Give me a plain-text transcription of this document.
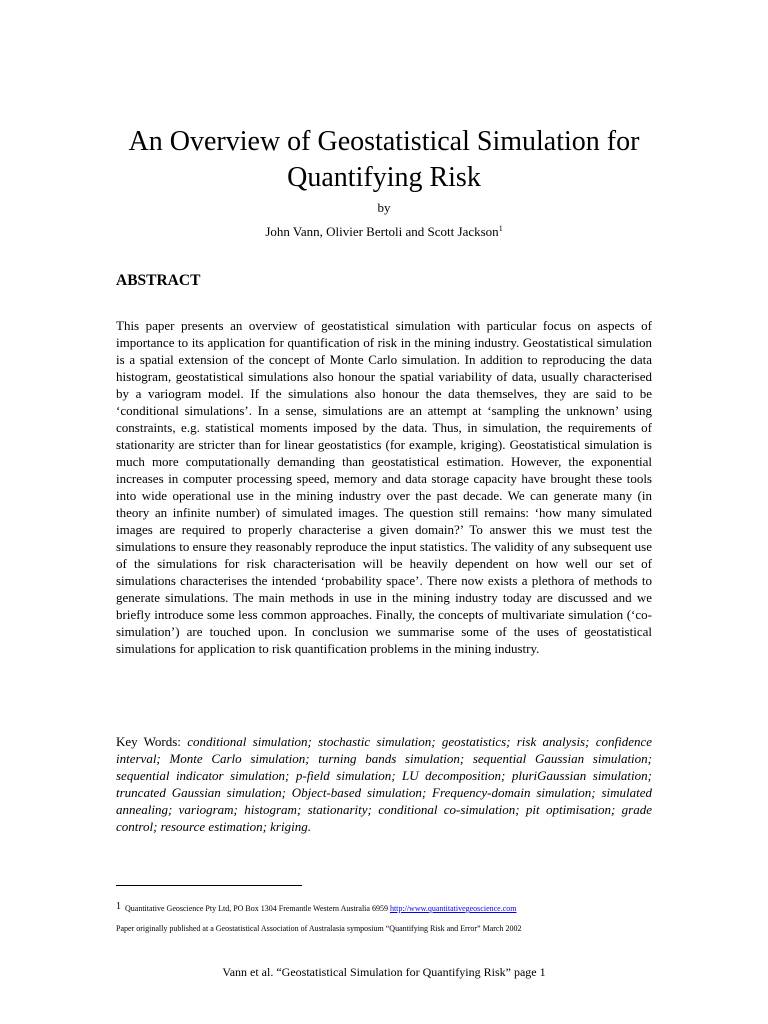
An Overview of Geostatistical Simulation for Quantifying Risk
by
John Vann, Olivier Bertoli and Scott Jackson$^1$
ABSTRACT

This paper presents an overview of geostatistical simulation with particular focus on aspects of importance to its application for quantification of risk in the mining industry. Geostatistical simulation is a spatial extension of the concept of Monte Carlo simulation. In addition to reproducing the data histogram, geostatistical simulations also honour the spatial variability of data, usually characterised by a variogram model. If the simulations also honour the data themselves, they are said to be ‘conditional simulations’. In a sense, simulations are an attempt at ‘sampling the unknown’ using constraints, e.g. statistical moments imposed by the data. Thus, in simulation, the requirements of stationarity are stricter than for linear geostatistics (for example, kriging). Geostatistical simulation is much more computationally demanding than geostatistical estimation. However, the exponential increases in computer processing speed, memory and data storage capacity have brought these tools into wide operational use in the mining industry over the past decade. We can generate many (in theory an infinite number) of simulated images. The question still remains: ‘how many simulated images are required to properly characterise a given domain?’ To answer this we must test the simulations to ensure they reasonably reproduce the input statistics. The validity of any subsequent use of the simulations for risk characterisation will be heavily dependent on how well our set of simulations characterises the intended ‘probability space’. There now exists a plethora of methods to generate simulations. The main methods in use in the mining industry today are discussed and we briefly introduce some less common approaches. Finally, the concepts of multivariate simulation (‘co-simulation’) are touched upon. In conclusion we summarise some of the uses of geostatistical simulations for application to risk quantification problems in the mining industry.

Key Words: conditional simulation; stochastic simulation; geostatistics; risk analysis; confidence interval; Monte Carlo simulation; turning bands simulation; sequential Gaussian simulation; sequential indicator simulation; p-field simulation; LU decomposition; pluriGaussian simulation; truncated Gaussian simulation; Object-based simulation; Frequency-domain simulation; simulated annealing; variogram; histogram; stationarity; conditional co-simulation; pit optimisation; grade control; resource estimation; kriging.

1 Quantitative Geoscience Pty Ltd, PO Box 1304 Fremantle Western Australia 6959 http://www.quantitativegeoscience.com
Paper originally published at a Geostatistical Association of Australasia symposium “Quantifying Risk and Error” March 2002
Vann et al. “Geostatistical Simulation for Quantifying Risk” page 1
